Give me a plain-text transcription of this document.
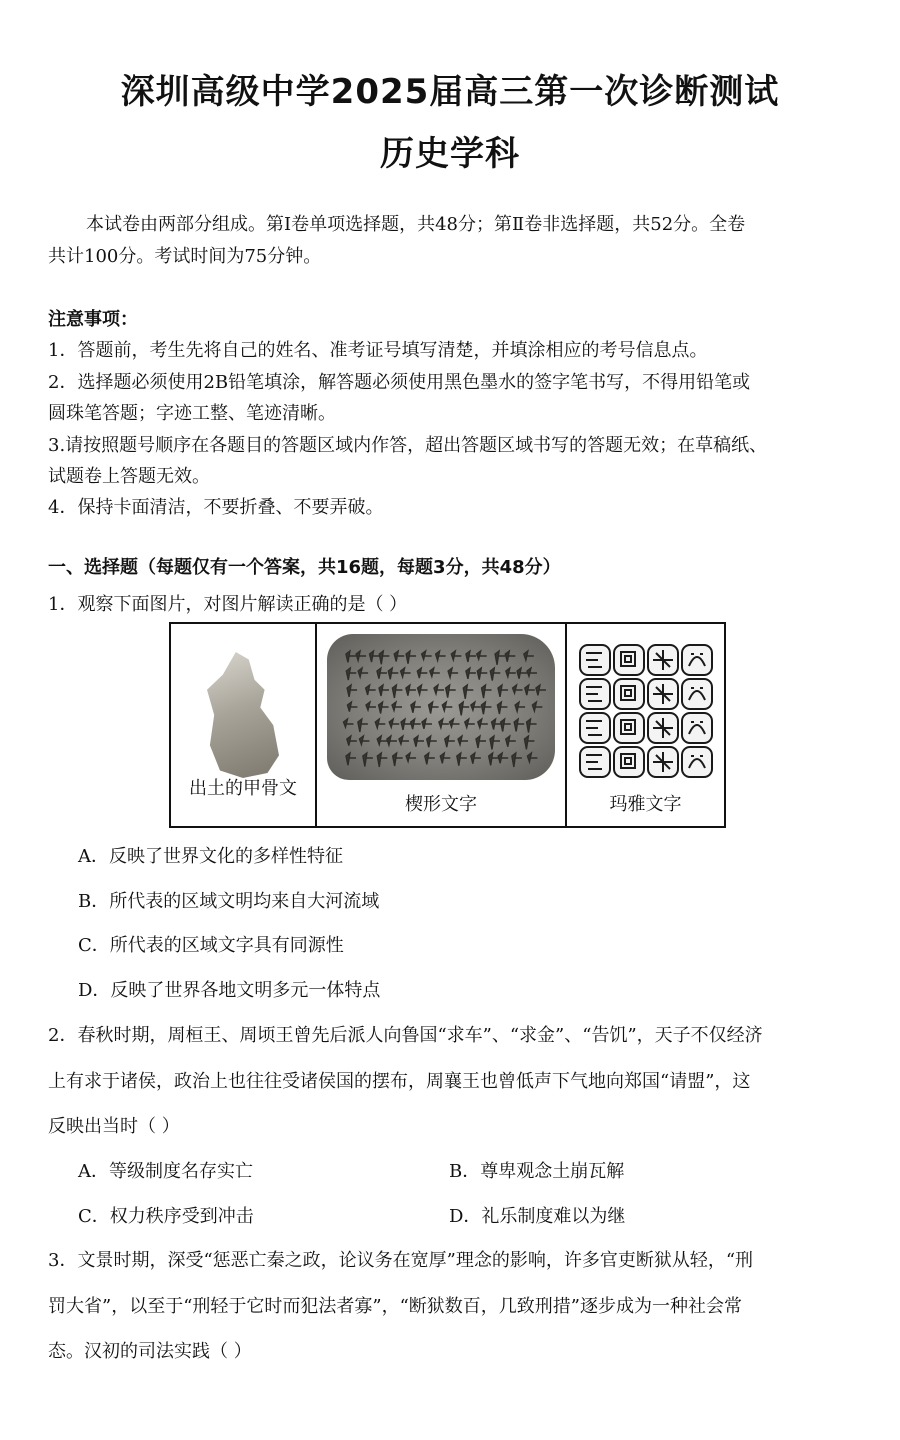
深圳高级中学2025届高三第一次诊断测试
历史学科
本试卷由两部分组成。第Ⅰ卷单项选择题，共48分；第Ⅱ卷非选择题，共52分。全卷
共计100分。考试时间为75分钟。
注意事项：
1．答题前，考生先将自己的姓名、准考证号填写清楚，并填涂相应的考号信息点。
2．选择题必须使用2B铅笔填涂，解答题必须使用黑色墨水的签字笔书写，不得用铅笔或
圆珠笔答题；字迹工整、笔迹清晰。
3.请按照题号顺序在各题目的答题区域内作答，超出答题区域书写的答题无效；在草稿纸、
试题卷上答题无效。
4．保持卡面清洁，不要折叠、不要弄破。
一、选择题（每题仅有一个答案，共16题，每题3分，共48分）
1．观察下面图片，对图片解读正确的是（ ）
出土的甲骨文
楔形文字	玛雅文字
A．反映了世界文化的多样性特征
B．所代表的区域文明均来自大河流域
C．所代表的区域文字具有同源性
D．反映了世界各地文明多元一体特点
2．春秋时期，周桓王、周顷王曾先后派人向鲁国“求车”、“求金”、“告饥”，天子不仅经济
上有求于诸侯，政治上也往往受诸侯国的摆布，周襄王也曾低声下气地向郑国“请盟”，这
反映出当时（ ）
A．等级制度名存实亡	B．尊卑观念土崩瓦解
C．权力秩序受到冲击	D．礼乐制度难以为继
3．文景时期，深受“惩恶亡秦之政，论议务在宽厚”理念的影响，许多官吏断狱从轻，“刑
罚大省”，以至于“刑轻于它时而犯法者寡”，“断狱数百，几致刑措”逐步成为一种社会常
态。汉初的司法实践（ ）
